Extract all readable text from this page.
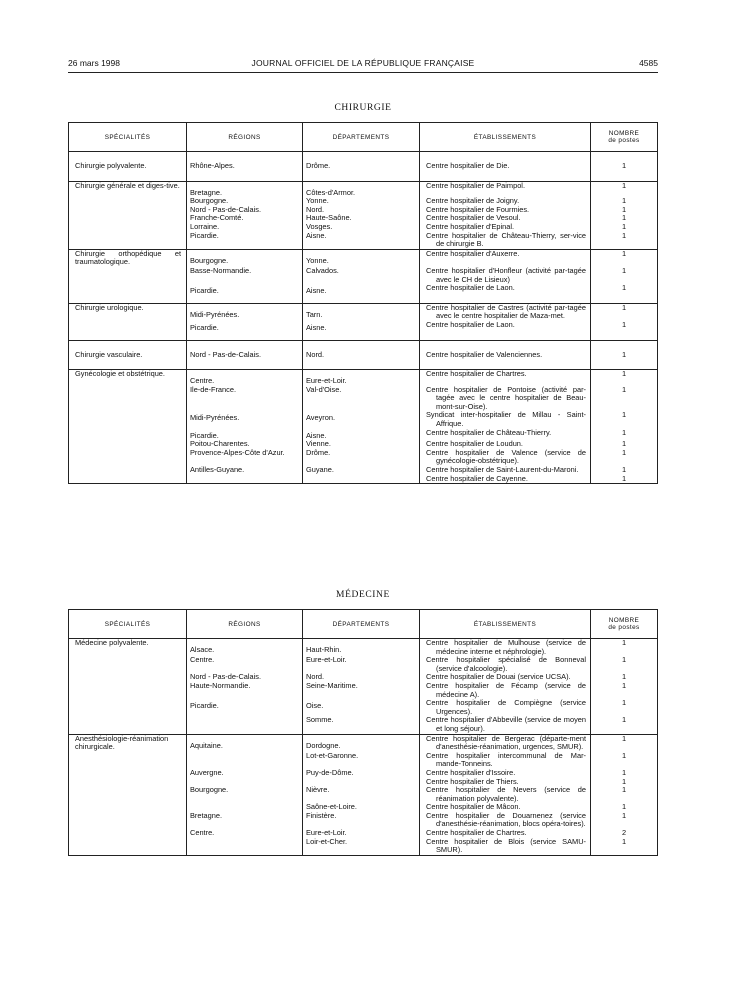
26 mars 1998	JOURNAL OFFICIEL DE LA RÉPUBLIQUE FRANÇAISE	4585
CHIRURGIE
SPÉCIALITÉS	RÉGIONS	DÉPARTEMENTS	ÉTABLISSEMENTS	NOMBRE
de postes
Chirurgie polyvalente.	Rhône-Alpes.	Drôme.	Centre hospitalier de Die.	1
Chirurgie générale et diges-tive.	Bretagne.	Côtes-d'Armor.	Centre hospitalier de Paimpol.	1
	Bourgogne.	Yonne.	Centre hospitalier de Joigny.	1
	Nord - Pas-de-Calais.	Nord.	Centre hospitalier de Fourmies.	1
	Franche-Comté.	Haute-Saône.	Centre hospitalier de Vesoul.	1
	Lorraine.	Vosges.	Centre hospitalier d'Epinal.	1
	Picardie.	Aisne.	Centre hospitalier de Château-Thierry, ser-vice de chirurgie B.	1
Chirurgie orthopédique et traumatologique.	Bourgogne.	Yonne.	Centre hospitalier d'Auxerre.	1
	Basse-Normandie.	Calvados.	Centre hospitalier d'Honfleur (activité par-tagée avec le CH de Lisieux)	1
	Picardie.	Aisne.	Centre hospitalier de Laon.	1
Chirurgie urologique.	Midi-Pyrénées.	Tarn.	Centre hospitalier de Castres (activité par-tagée avec le centre hospitalier de Maza-met.	1
	Picardie.	Aisne.	Centre hospitalier de Laon.	1
Chirurgie vasculaire.	Nord - Pas-de-Calais.	Nord.	Centre hospitalier de Valenciennes.	1
Gynécologie et obstétrique.	Centre.	Eure-et-Loir.	Centre hospitalier de Chartres.	1
	Ile-de-France.	Val-d'Oise.	Centre hospitalier de Pontoise (activité par-tagée avec le centre hospitalier de Beau-mont-sur-Oise).	1
	Midi-Pyrénées.	Aveyron.	Syndicat inter-hospitalier de Millau - Saint-Affrique.	1
	Picardie.	Aisne.	Centre hospitalier de Château-Thierry.	1
	Poitou-Charentes.	Vienne.	Centre hospitalier de Loudun.	1
	Provence-Alpes-Côte d'Azur.	Drôme.	Centre hospitalier de Valence (service de gynécologie-obstétrique).	1
	Antilles-Guyane.	Guyane.	Centre hospitalier de Saint-Laurent-du-Maroni.	1

			Centre hospitalier de Cayenne.	1
MÉDECINE
SPÉCIALITÉS	RÉGIONS	DÉPARTEMENTS	ÉTABLISSEMENTS	NOMBRE
de postes
Médecine polyvalente.	Alsace.	Haut-Rhin.	Centre hospitalier de Mulhouse (service de médecine interne et néphrologie).	1
	Centre.	Eure-et-Loir.	Centre hospitalier spécialisé de Bonneval (service d'alcoologie).	1
	Nord - Pas-de-Calais.	Nord.	Centre hospitalier de Douai (service UCSA).	1
	Haute-Normandie.	Seine-Maritime.	Centre hospitalier de Fécamp (service de médecine A).	1
	Picardie.	Oise.	Centre hospitalier de Compiègne (service Urgences).	1
		Somme.	Centre hospitalier d'Abbeville (service de moyen et long séjour).	1
Anesthésiologie-réanimation chirurgicale.	Aquitaine.	Dordogne.	Centre hospitalier de Bergerac (départe-ment d'anesthésie-réanimation, urgences, SMUR).	1
		Lot-et-Garonne.	Centre hospitalier intercommunal de Mar-mande-Tonneins.	1
	Auvergne.	Puy-de-Dôme.	Centre hospitalier d'Issoire.	1

			Centre hospitalier de Thiers.	1
	Bourgogne.	Nièvre.	Centre hospitalier de Nevers (service de réanimation polyvalente).	1
		Saône-et-Loire.	Centre hospitalier de Mâcon.	1
	Bretagne.	Finistère.	Centre hospitalier de Douarnenez (service d'anesthésie-réanimation, blocs opéra-toires).	1
	Centre.	Eure-et-Loir.	Centre hospitalier de Chartres.	2
		Loir-et-Cher.	Centre hospitalier de Blois (service SAMU-SMUR).	1
